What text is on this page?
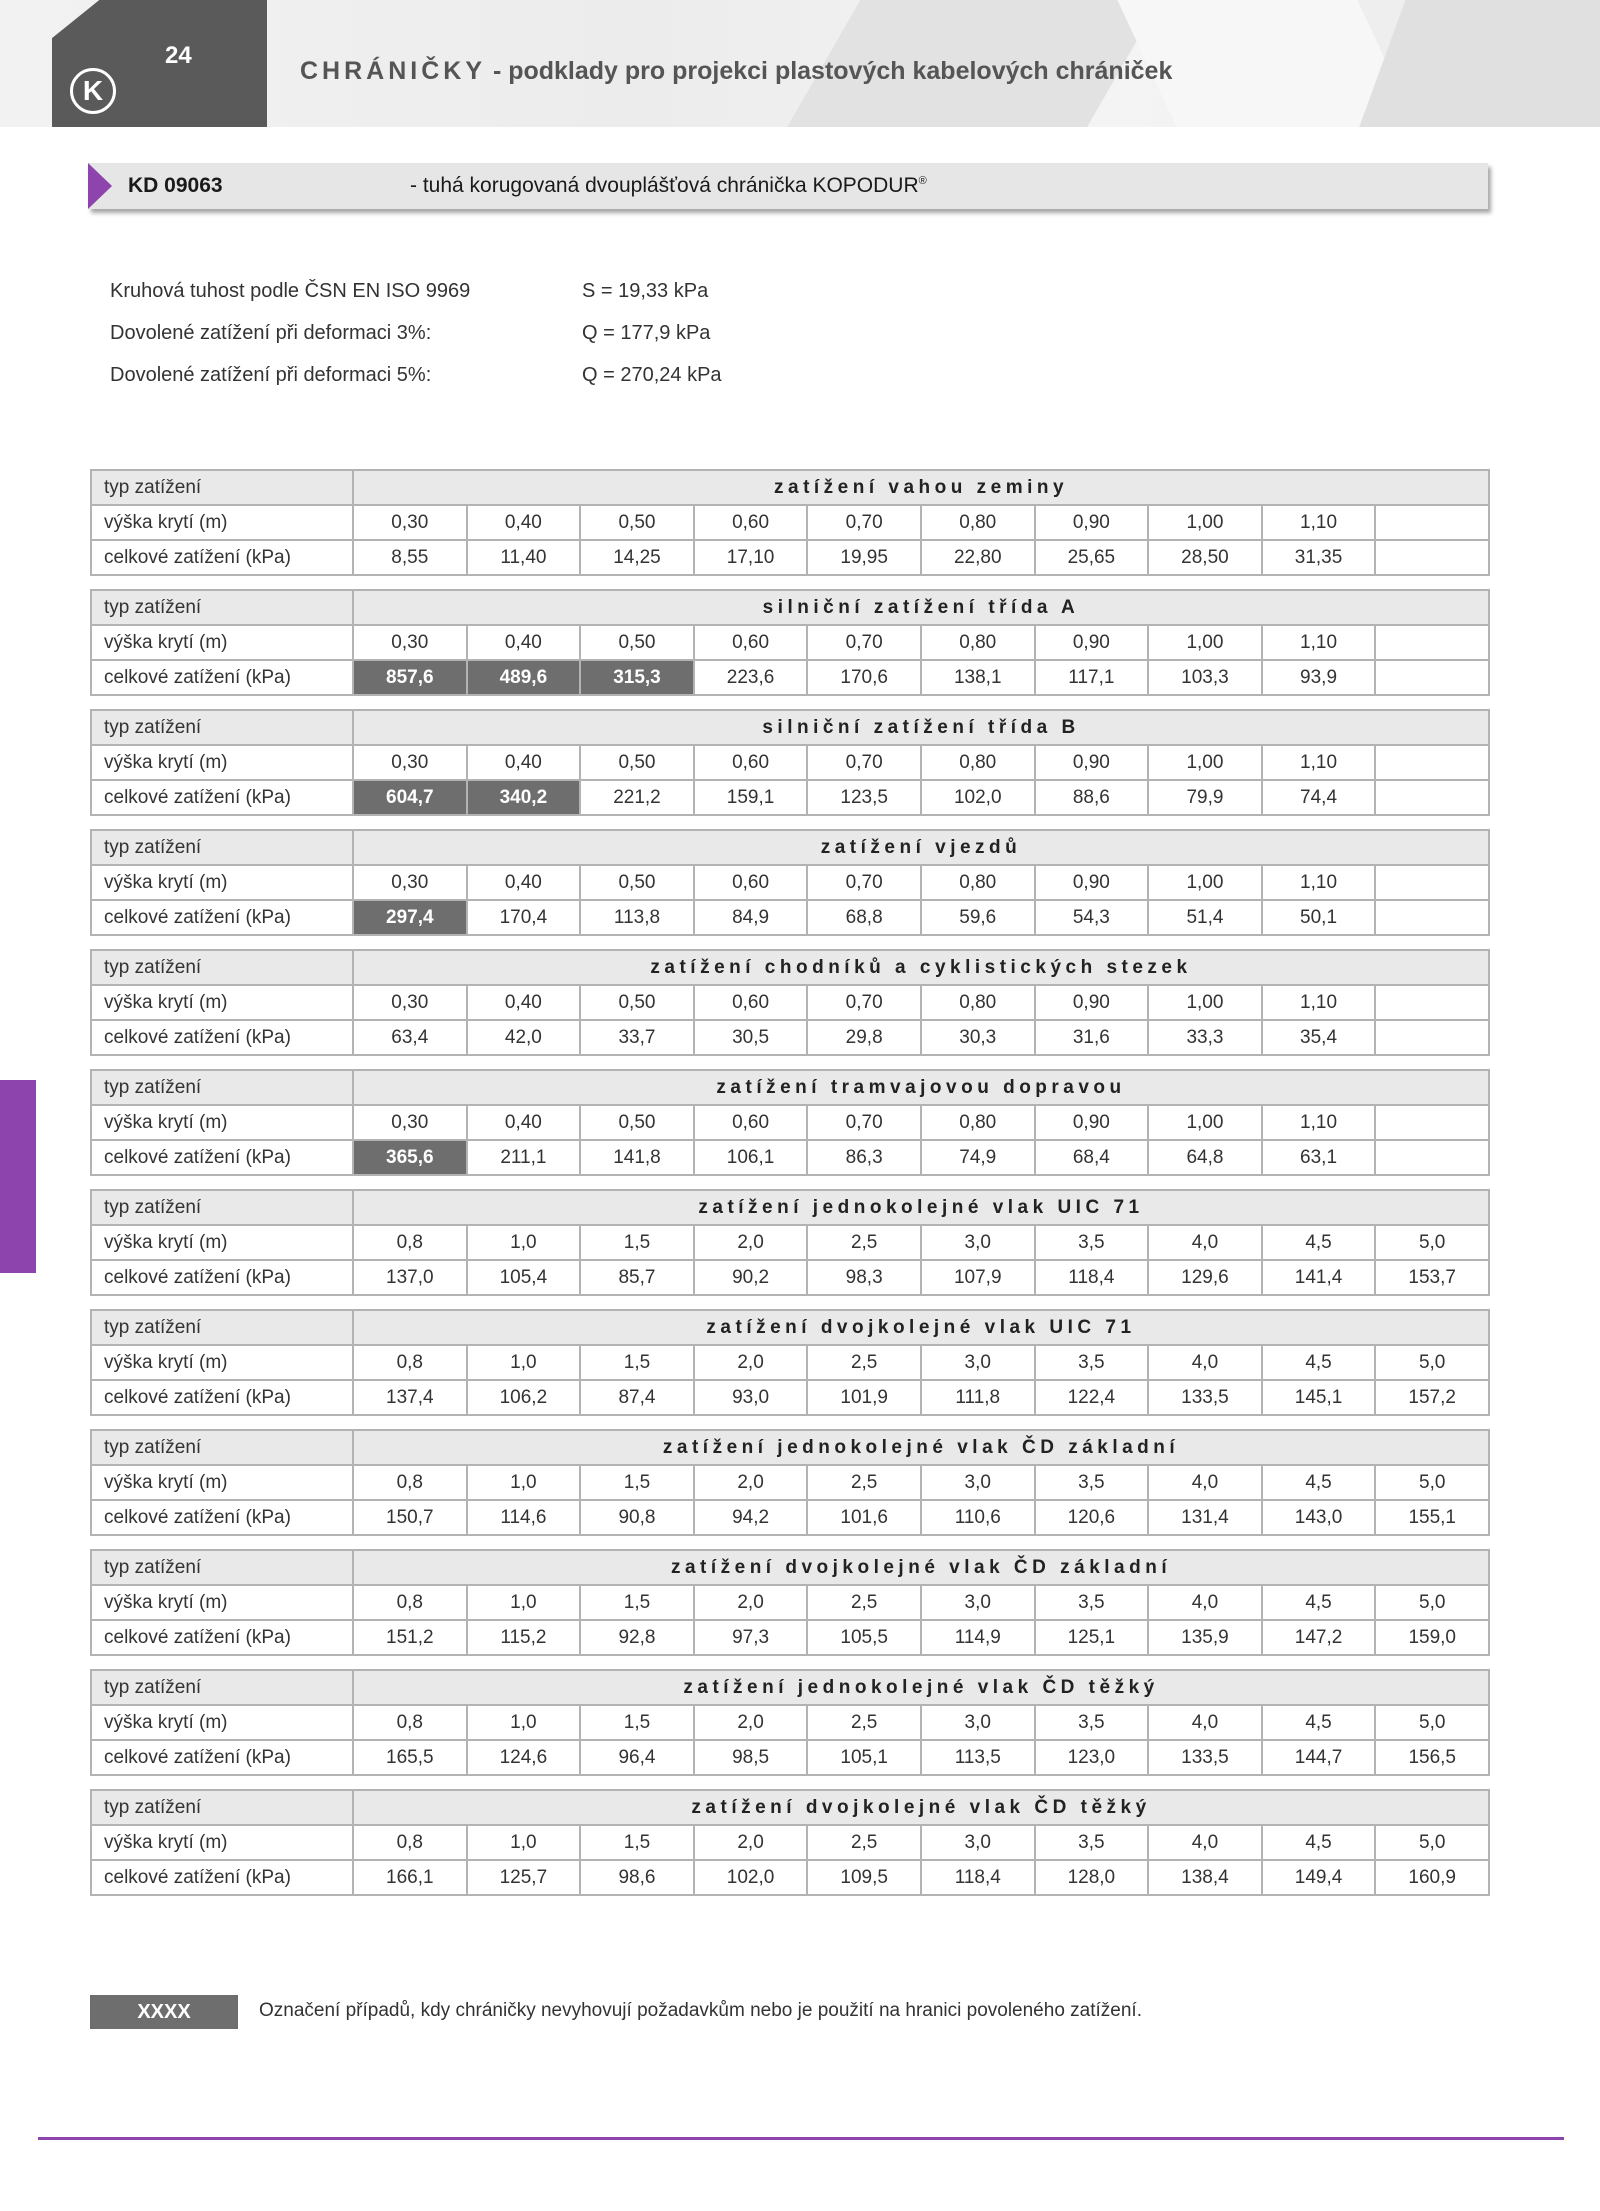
24
K
CHRÁNIČKY - podklady pro projekci plastových kabelových chrániček
KD 09063	- tuhá korugovaná dvouplášťová chránička KOPODUR®
Kruhová tuhost podle ČSN EN ISO 9969	S = 19,33 kPa
Dovolené zatížení při deformaci 3%:	Q = 177,9 kPa
Dovolené zatížení při deformaci 5%:	Q = 270,24 kPa
typ zatížení	zatížení vahou zeminy									
výška krytí (m)	0,30	0,40	0,50	0,60	0,70	0,80	0,90	1,00	1,10	
celkové zatížení (kPa)	8,55	11,40	14,25	17,10	19,95	22,80	25,65	28,50	31,35	
typ zatížení	silniční zatížení třída A									
výška krytí (m)	0,30	0,40	0,50	0,60	0,70	0,80	0,90	1,00	1,10	
celkové zatížení (kPa)	857,6	489,6	315,3	223,6	170,6	138,1	117,1	103,3	93,9	
typ zatížení	silniční zatížení třída B									
výška krytí (m)	0,30	0,40	0,50	0,60	0,70	0,80	0,90	1,00	1,10	
celkové zatížení (kPa)	604,7	340,2	221,2	159,1	123,5	102,0	88,6	79,9	74,4	
typ zatížení	zatížení vjezdů									
výška krytí (m)	0,30	0,40	0,50	0,60	0,70	0,80	0,90	1,00	1,10	
celkové zatížení (kPa)	297,4	170,4	113,8	84,9	68,8	59,6	54,3	51,4	50,1	
typ zatížení	zatížení chodníků a cyklistických stezek									
výška krytí (m)	0,30	0,40	0,50	0,60	0,70	0,80	0,90	1,00	1,10	
celkové zatížení (kPa)	63,4	42,0	33,7	30,5	29,8	30,3	31,6	33,3	35,4	
typ zatížení	zatížení tramvajovou dopravou									
výška krytí (m)	0,30	0,40	0,50	0,60	0,70	0,80	0,90	1,00	1,10	
celkové zatížení (kPa)	365,6	211,1	141,8	106,1	86,3	74,9	68,4	64,8	63,1	
typ zatížení	zatížení jednokolejné vlak UIC 71									
výška krytí (m)	0,8	1,0	1,5	2,0	2,5	3,0	3,5	4,0	4,5	5,0
celkové zatížení (kPa)	137,0	105,4	85,7	90,2	98,3	107,9	118,4	129,6	141,4	153,7
typ zatížení	zatížení dvojkolejné vlak UIC 71									
výška krytí (m)	0,8	1,0	1,5	2,0	2,5	3,0	3,5	4,0	4,5	5,0
celkové zatížení (kPa)	137,4	106,2	87,4	93,0	101,9	111,8	122,4	133,5	145,1	157,2
typ zatížení	zatížení jednokolejné vlak ČD základní									
výška krytí (m)	0,8	1,0	1,5	2,0	2,5	3,0	3,5	4,0	4,5	5,0
celkové zatížení (kPa)	150,7	114,6	90,8	94,2	101,6	110,6	120,6	131,4	143,0	155,1
typ zatížení	zatížení dvojkolejné vlak ČD základní									
výška krytí (m)	0,8	1,0	1,5	2,0	2,5	3,0	3,5	4,0	4,5	5,0
celkové zatížení (kPa)	151,2	115,2	92,8	97,3	105,5	114,9	125,1	135,9	147,2	159,0
typ zatížení	zatížení jednokolejné vlak ČD těžký									
výška krytí (m)	0,8	1,0	1,5	2,0	2,5	3,0	3,5	4,0	4,5	5,0
celkové zatížení (kPa)	165,5	124,6	96,4	98,5	105,1	113,5	123,0	133,5	144,7	156,5
typ zatížení	zatížení dvojkolejné vlak ČD těžký									
výška krytí (m)	0,8	1,0	1,5	2,0	2,5	3,0	3,5	4,0	4,5	5,0
celkové zatížení (kPa)	166,1	125,7	98,6	102,0	109,5	118,4	128,0	138,4	149,4	160,9
XXXX	Označení případů, kdy chráničky nevyhovují požadavkům nebo je použití na hranici povoleného zatížení.
